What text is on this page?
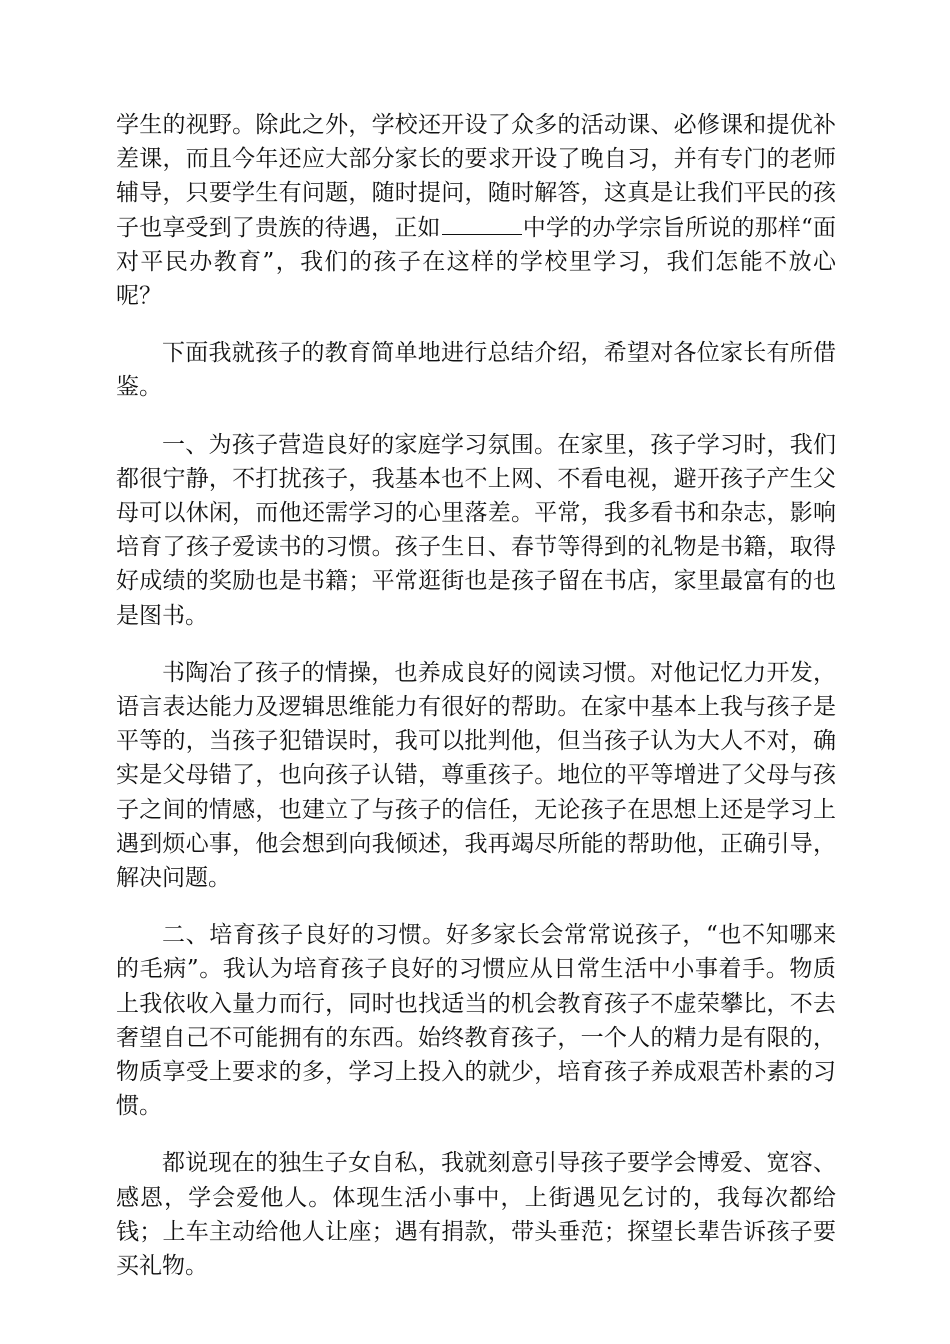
学生的视野。除此之外，学校还开设了众多的活动课、必修课和提优补差课，而且今年还应大部分家长的要求开设了晚自习，并有专门的老师辅导，只要学生有问题，随时提问，随时解答，这真是让我们平民的孩子也享受到了贵族的待遇，正如	中学的办学宗旨所说的那样“面对平民办教育”，我们的孩子在这样的学校里学习，我们怎能不放心呢？

下面我就孩子的教育简单地进行总结介绍，希望对各位家长有所借鉴。

一、为孩子营造良好的家庭学习氛围。在家里，孩子学习时，我们都很宁静，不打扰孩子，我基本也不上网、不看电视，避开孩子产生父母可以休闲，而他还需学习的心里落差。平常，我多看书和杂志，影响培育了孩子爱读书的习惯。孩子生日、春节等得到的礼物是书籍，取得好成绩的奖励也是书籍；平常逛街也是孩子留在书店，家里最富有的也是图书。

书陶冶了孩子的情操，也养成良好的阅读习惯。对他记忆力开发，语言表达能力及逻辑思维能力有很好的帮助。在家中基本上我与孩子是平等的，当孩子犯错误时，我可以批判他，但当孩子认为大人不对，确实是父母错了，也向孩子认错，尊重孩子。地位的平等增进了父母与孩子之间的情感，也建立了与孩子的信任，无论孩子在思想上还是学习上遇到烦心事，他会想到向我倾述，我再竭尽所能的帮助他，正确引导，解决问题。

二、培育孩子良好的习惯。好多家长会常常说孩子，“也不知哪来的毛病”。我认为培育孩子良好的习惯应从日常生活中小事着手。物质上我依收入量力而行，同时也找适当的机会教育孩子不虚荣攀比，不去奢望自己不可能拥有的东西。始终教育孩子，一个人的精力是有限的，物质享受上要求的多，学习上投入的就少，培育孩子养成艰苦朴素的习惯。

都说现在的独生子女自私，我就刻意引导孩子要学会博爱、宽容、感恩，学会爱他人。体现生活小事中，上街遇见乞讨的，我每次都给钱；上车主动给他人让座；遇有捐款，带头垂范；探望长辈告诉孩子要买礼物。
